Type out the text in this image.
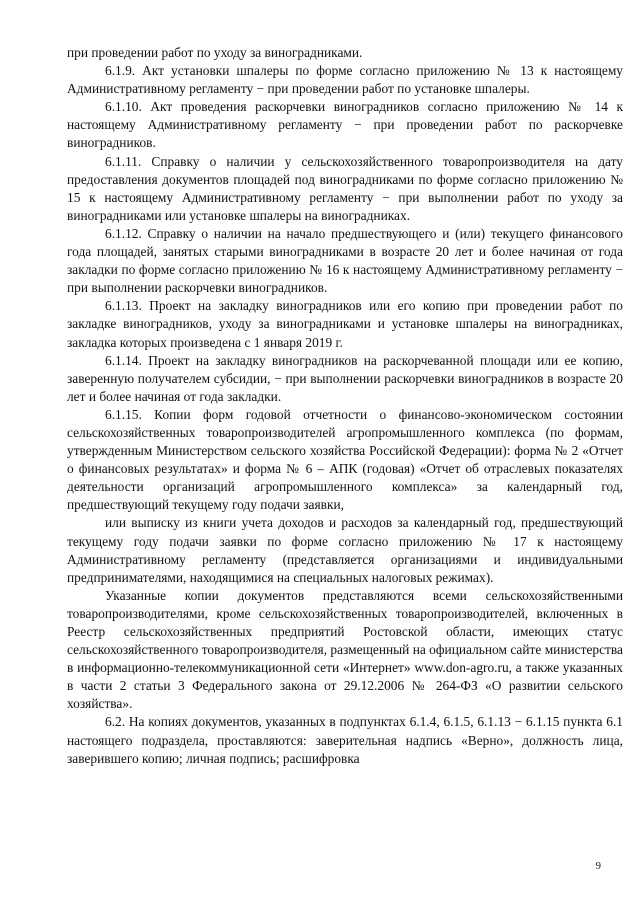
при проведении работ по уходу за виноградниками.

6.1.9. Акт установки шпалеры по форме согласно приложению № 13 к настоящему Административному регламенту − при проведении работ по установке шпалеры.

6.1.10. Акт проведения раскорчевки виноградников согласно приложению № 14 к настоящему Административному регламенту − при проведении работ по раскорчевке виноградников.

6.1.11. Справку о наличии у сельскохозяйственного товаропроизводителя на дату предоставления документов площадей под виноградниками по форме согласно приложению № 15 к настоящему Административному регламенту − при выполнении работ по уходу за виноградниками или установке шпалеры на виноградниках.

6.1.12. Справку о наличии на начало предшествующего и (или) текущего финансового года площадей, занятых старыми виноградниками в возрасте 20 лет и более начиная от года закладки по форме согласно приложению № 16 к настоящему Административному регламенту − при выполнении раскорчевки виноградников.

6.1.13. Проект на закладку виноградников или его копию при проведении работ по закладке виноградников, уходу за виноградниками и установке шпалеры на виноградниках, закладка которых произведена с 1 января 2019 г.

6.1.14. Проект на закладку виноградников на раскорчеванной площади или ее копию, заверенную получателем субсидии, − при выполнении раскорчевки виноградников в возрасте 20 лет и более начиная от года закладки.

6.1.15. Копии форм годовой отчетности о финансово-экономическом состоянии сельскохозяйственных товаропроизводителей агропромышленного комплекса (по формам, утвержденным Министерством сельского хозяйства Российской Федерации): форма № 2 «Отчет о финансовых результатах» и форма № 6 – АПК (годовая) «Отчет об отраслевых показателях деятельности организаций агропромышленного комплекса» за календарный год, предшествующий текущему году подачи заявки,

или выписку из книги учета доходов и расходов за календарный год, предшествующий текущему году подачи заявки по форме согласно приложению № 17 к настоящему Административному регламенту (представляется организациями и индивидуальными предпринимателями, находящимися на специальных налоговых режимах).

Указанные копии документов представляются всеми сельскохозяйственными товаропроизводителями, кроме сельскохозяйственных товаропроизводителей, включенных в Реестр сельскохозяйственных предприятий Ростовской области, имеющих статус сельскохозяйственного товаропроизводителя, размещенный на официальном сайте министерства в информационно-телекоммуникационной сети «Интернет» www.don-agro.ru, а также указанных в части 2 статьи 3 Федерального закона от 29.12.2006 № 264-ФЗ «О развитии сельского хозяйства».

6.2. На копиях документов, указанных в подпунктах 6.1.4, 6.1.5, 6.1.13 − 6.1.15 пункта 6.1 настоящего подраздела, проставляются: заверительная надпись «Верно», должность лица, заверившего копию; личная подпись; расшифровка

9
